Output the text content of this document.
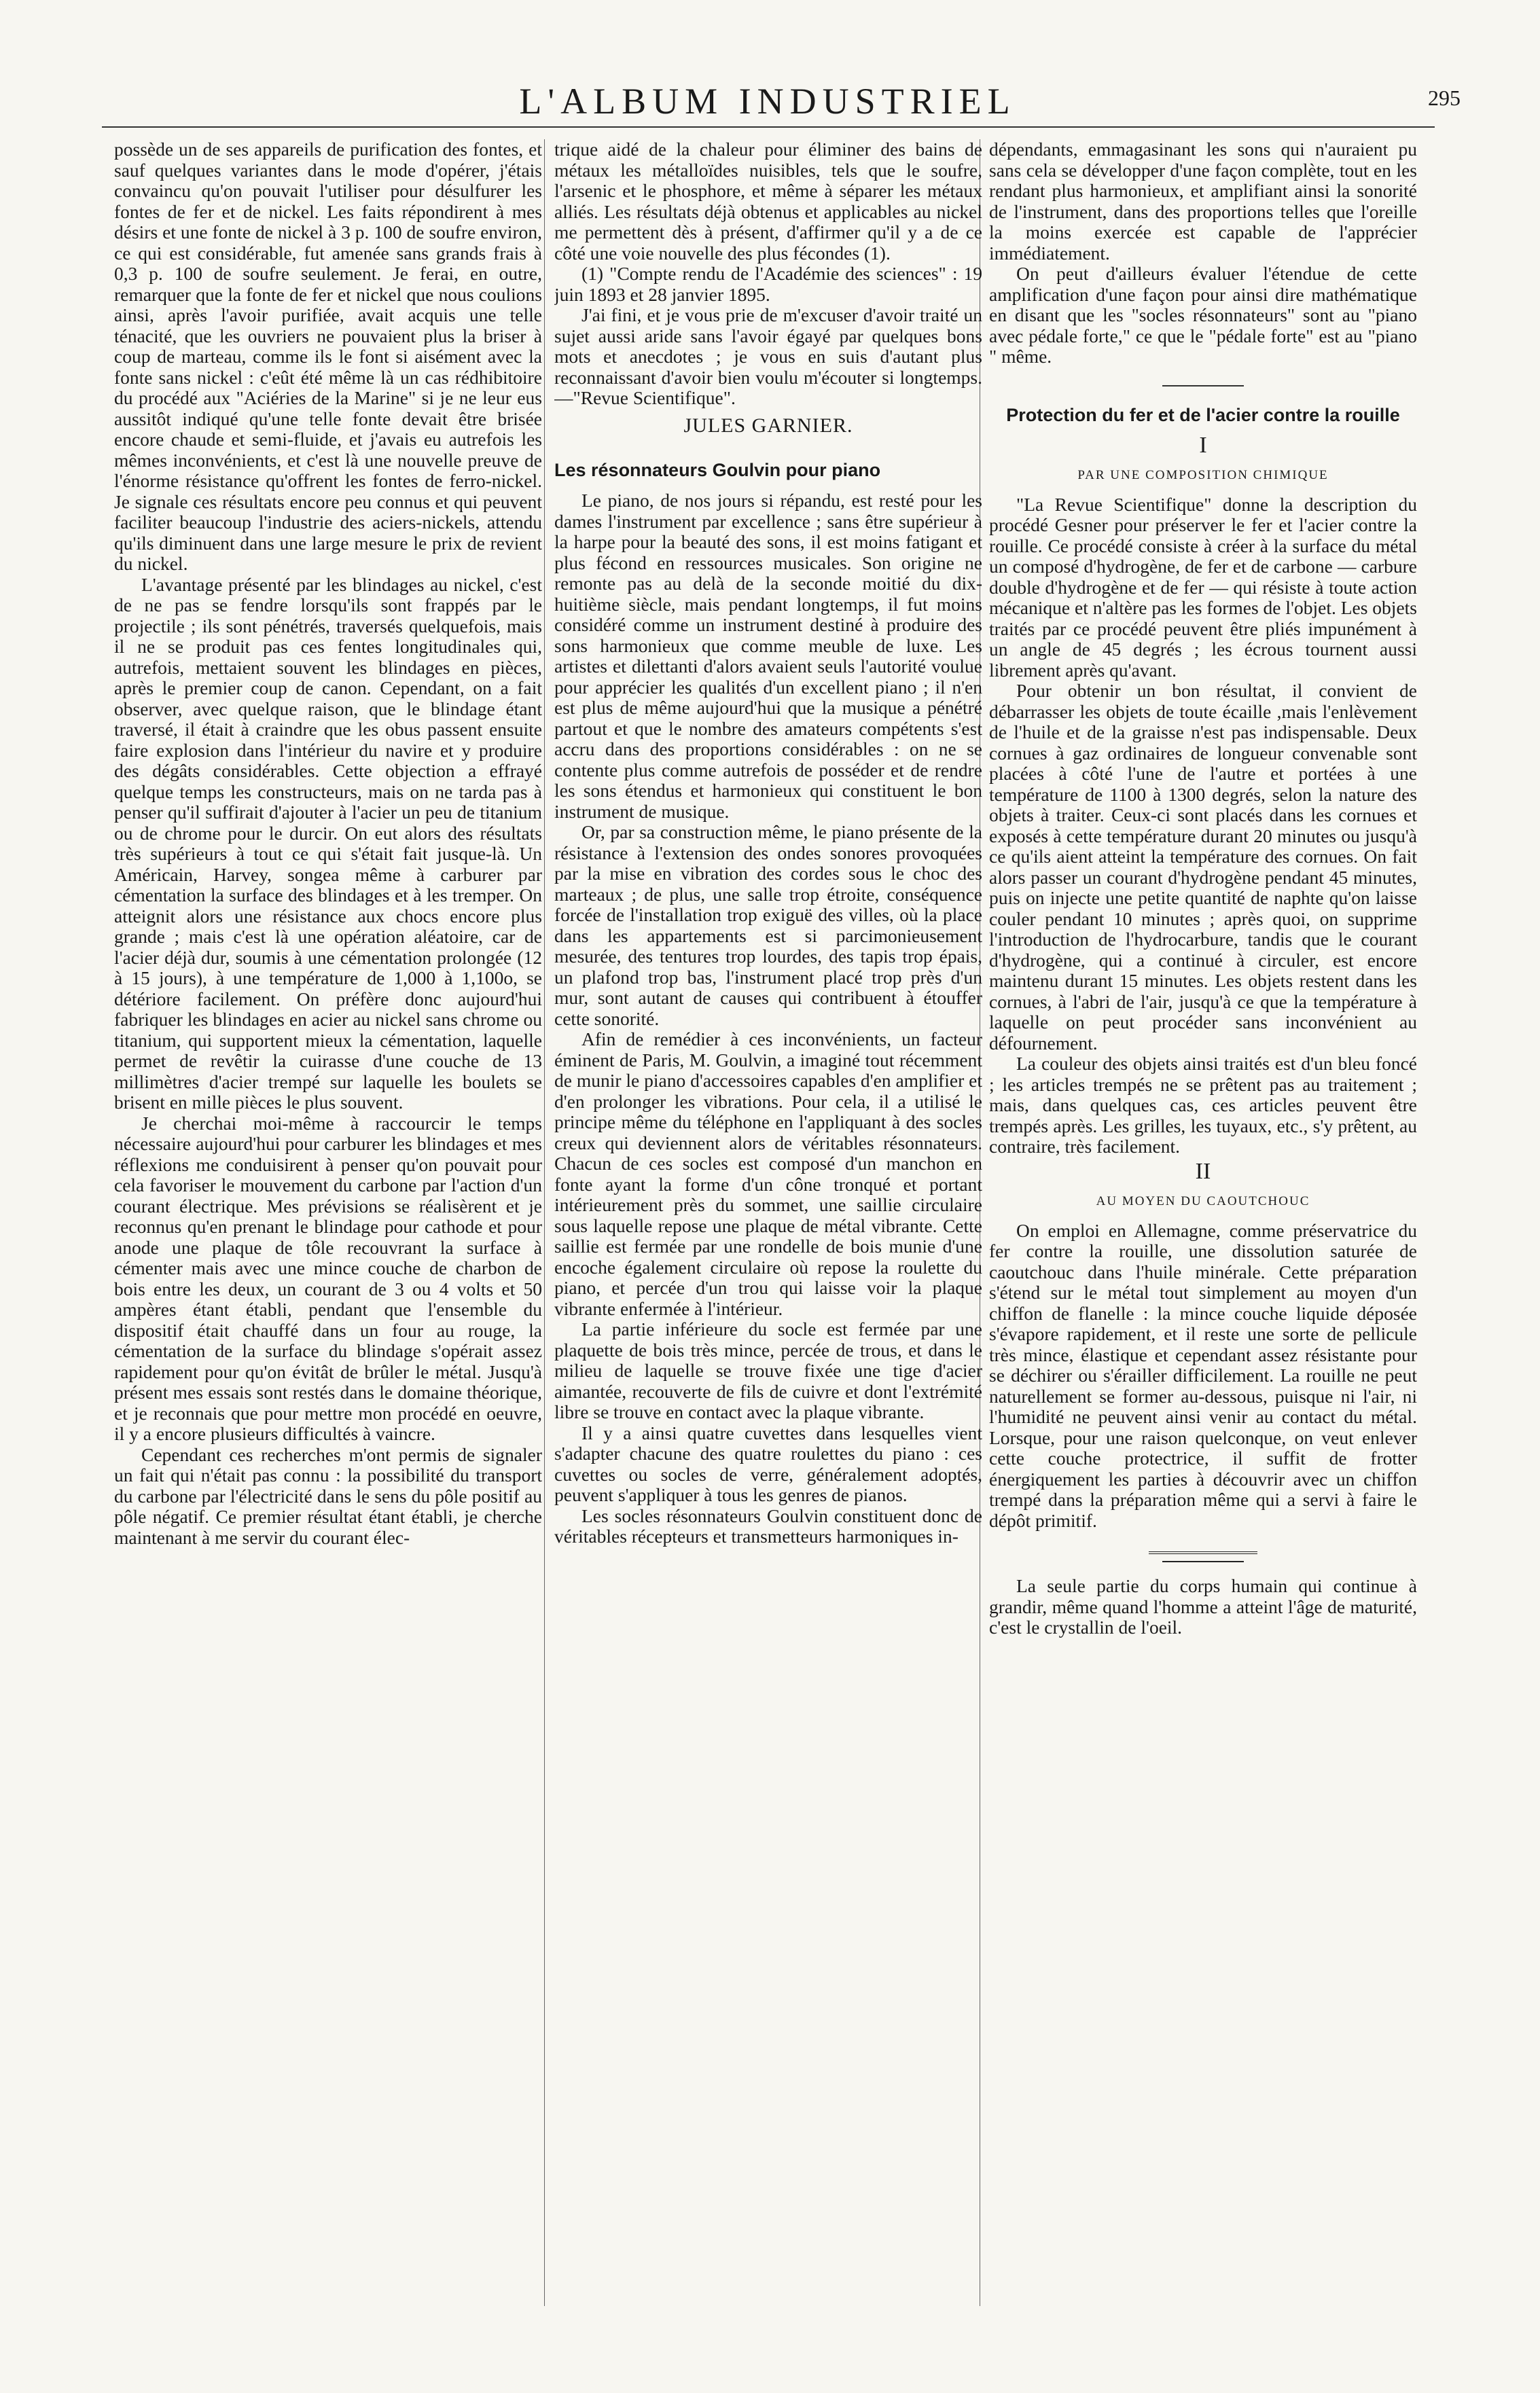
L'ALBUM INDUSTRIEL	295

possède un de ses appareils de purification des fontes, et sauf quelques variantes dans le mode d'opérer, j'étais convaincu qu'on pouvait l'utiliser pour désulfurer les fontes de fer et de nickel. Les faits répondirent à mes désirs et une fonte de nickel à 3 p. 100 de soufre environ, ce qui est considérable, fut amenée sans grands frais à 0,3 p. 100 de soufre seulement. Je ferai, en outre, remarquer que la fonte de fer et nickel que nous coulions ainsi, après l'avoir purifiée, avait acquis une telle ténacité, que les ouvriers ne pouvaient plus la briser à coup de marteau, comme ils le font si aisément avec la fonte sans nickel : c'eût été même là un cas rédhibitoire du procédé aux "Aciéries de la Marine" si je ne leur eus aussitôt indiqué qu'une telle fonte devait être brisée encore chaude et semi-fluide, et j'avais eu autrefois les mêmes inconvénients, et c'est là une nouvelle preuve de l'énorme résistance qu'offrent les fontes de ferro-nickel. Je signale ces résultats encore peu connus et qui peuvent faciliter beaucoup l'industrie des aciers-nickels, attendu qu'ils diminuent dans une large mesure le prix de revient du nickel.

L'avantage présenté par les blindages au nickel, c'est de ne pas se fendre lorsqu'ils sont frappés par le projectile ; ils sont pénétrés, traversés quelquefois, mais il ne se produit pas ces fentes longitudinales qui, autrefois, mettaient souvent les blindages en pièces, après le premier coup de canon. Cependant, on a fait observer, avec quelque raison, que le blindage étant traversé, il était à craindre que les obus passent ensuite faire explosion dans l'intérieur du navire et y produire des dégâts considérables. Cette objection a effrayé quelque temps les constructeurs, mais on ne tarda pas à penser qu'il suffirait d'ajouter à l'acier un peu de titanium ou de chrome pour le durcir. On eut alors des résultats très supérieurs à tout ce qui s'était fait jusque-là. Un Américain, Harvey, songea même à carburer par cémentation la surface des blindages et à les tremper. On atteignit alors une résistance aux chocs encore plus grande ; mais c'est là une opération aléatoire, car de l'acier déjà dur, soumis à une cémentation prolongée (12 à 15 jours), à une température de 1,000 à 1,100o, se détériore facilement. On préfère donc aujourd'hui fabriquer les blindages en acier au nickel sans chrome ou titanium, qui supportent mieux la cémentation, laquelle permet de revêtir la cuirasse d'une couche de 13 millimètres d'acier trempé sur laquelle les boulets se brisent en mille pièces le plus souvent.

Je cherchai moi-même à raccourcir le temps nécessaire aujourd'hui pour carburer les blindages et mes réflexions me conduisirent à penser qu'on pouvait pour cela favoriser le mouvement du carbone par l'action d'un courant électrique. Mes prévisions se réalisèrent et je reconnus qu'en prenant le blindage pour cathode et pour anode une plaque de tôle recouvrant la surface à cémenter mais avec une mince couche de charbon de bois entre les deux, un courant de 3 ou 4 volts et 50 ampères étant établi, pendant que l'ensemble du dispositif était chauffé dans un four au rouge, la cémentation de la surface du blindage s'opérait assez rapidement pour qu'on évitât de brûler le métal. Jusqu'à présent mes essais sont restés dans le domaine théorique, et je reconnais que pour mettre mon procédé en oeuvre, il y a encore plusieurs difficultés à vaincre.

Cependant ces recherches m'ont permis de signaler un fait qui n'était pas connu : la possibilité du transport du carbone par l'électricité dans le sens du pôle positif au pôle négatif. Ce premier résultat étant établi, je cherche maintenant à me servir du courant élec-

trique aidé de la chaleur pour éliminer des bains de métaux les métalloïdes nuisibles, tels que le soufre, l'arsenic et le phosphore, et même à séparer les métaux alliés. Les résultats déjà obtenus et applicables au nickel me permettent dès à présent, d'affirmer qu'il y a de ce côté une voie nouvelle des plus fécondes (1).

(1) "Compte rendu de l'Académie des sciences" : 19 juin 1893 et 28 janvier 1895.

J'ai fini, et je vous prie de m'excuser d'avoir traité un sujet aussi aride sans l'avoir égayé par quelques bons mots et anecdotes ; je vous en suis d'autant plus reconnaissant d'avoir bien voulu m'écouter si longtemps.—"Revue Scientifique".

JULES GARNIER.

Les résonnateurs Goulvin pour piano

Le piano, de nos jours si répandu, est resté pour les dames l'instrument par excellence ; sans être supérieur à la harpe pour la beauté des sons, il est moins fatigant et plus fécond en ressources musicales. Son origine ne remonte pas au delà de la seconde moitié du dix-huitième siècle, mais pendant longtemps, il fut moins considéré comme un instrument destiné à produire des sons harmonieux que comme meuble de luxe. Les artistes et dilettanti d'alors avaient seuls l'autorité voulue pour apprécier les qualités d'un excellent piano ; il n'en est plus de même aujourd'hui que la musique a pénétré partout et que le nombre des amateurs compétents s'est accru dans des proportions considérables : on ne se contente plus comme autrefois de posséder et de rendre les sons étendus et harmonieux qui constituent le bon instrument de musique.

Or, par sa construction même, le piano présente de la résistance à l'extension des ondes sonores provoquées par la mise en vibration des cordes sous le choc des marteaux ; de plus, une salle trop étroite, conséquence forcée de l'installation trop exiguë des villes, où la place dans les appartements est si parcimonieusement mesurée, des tentures trop lourdes, des tapis trop épais, un plafond trop bas, l'instrument placé trop près d'un mur, sont autant de causes qui contribuent à étouffer cette sonorité.

Afin de remédier à ces inconvénients, un facteur éminent de Paris, M. Goulvin, a imaginé tout récemment de munir le piano d'accessoires capables d'en amplifier et d'en prolonger les vibrations. Pour cela, il a utilisé le principe même du téléphone en l'appliquant à des socles creux qui deviennent alors de véritables résonnateurs. Chacun de ces socles est composé d'un manchon en fonte ayant la forme d'un cône tronqué et portant intérieurement près du sommet, une saillie circulaire sous laquelle repose une plaque de métal vibrante. Cette saillie est fermée par une rondelle de bois munie d'une encoche également circulaire où repose la roulette du piano, et percée d'un trou qui laisse voir la plaque vibrante enfermée à l'intérieur.

La partie inférieure du socle est fermée par une plaquette de bois très mince, percée de trous, et dans le milieu de laquelle se trouve fixée une tige d'acier aimantée, recouverte de fils de cuivre et dont l'extrémité libre se trouve en contact avec la plaque vibrante.

Il y a ainsi quatre cuvettes dans lesquelles vient s'adapter chacune des quatre roulettes du piano : ces cuvettes ou socles de verre, généralement adoptés, peuvent s'appliquer à tous les genres de pianos.

Les socles résonnateurs Goulvin constituent donc de véritables récepteurs et transmetteurs harmoniques in-

dépendants, emmagasinant les sons qui n'auraient pu sans cela se développer d'une façon complète, tout en les rendant plus harmonieux, et amplifiant ainsi la sonorité de l'instrument, dans des proportions telles que l'oreille la moins exercée est capable de l'apprécier immédiatement.

On peut d'ailleurs évaluer l'étendue de cette amplification d'une façon pour ainsi dire mathématique en disant que les "socles résonnateurs" sont au "piano avec pédale forte," ce que le "pédale forte" est au "piano " même.

Protection du fer et de l'acier contre la rouille
I
PAR UNE COMPOSITION CHIMIQUE

"La Revue Scientifique" donne la description du procédé Gesner pour préserver le fer et l'acier contre la rouille. Ce procédé consiste à créer à la surface du métal un composé d'hydrogène, de fer et de carbone — carbure double d'hydrogène et de fer — qui résiste à toute action mécanique et n'altère pas les formes de l'objet. Les objets traités par ce procédé peuvent être pliés impunément à un angle de 45 degrés ; les écrous tournent aussi librement après qu'avant.

Pour obtenir un bon résultat, il convient de débarrasser les objets de toute écaille ,mais l'enlèvement de l'huile et de la graisse n'est pas indispensable. Deux cornues à gaz ordinaires de longueur convenable sont placées à côté l'une de l'autre et portées à une température de 1100 à 1300 degrés, selon la nature des objets à traiter. Ceux-ci sont placés dans les cornues et exposés à cette température durant 20 minutes ou jusqu'à ce qu'ils aient atteint la température des cornues. On fait alors passer un courant d'hydrogène pendant 45 minutes, puis on injecte une petite quantité de naphte qu'on laisse couler pendant 10 minutes ; après quoi, on supprime l'introduction de l'hydrocarbure, tandis que le courant d'hydrogène, qui a continué à circuler, est encore maintenu durant 15 minutes. Les objets restent dans les cornues, à l'abri de l'air, jusqu'à ce que la température à laquelle on peut procéder sans inconvénient au défournement.

La couleur des objets ainsi traités est d'un bleu foncé ; les articles trempés ne se prêtent pas au traitement ; mais, dans quelques cas, ces articles peuvent être trempés après. Les grilles, les tuyaux, etc., s'y prêtent, au contraire, très facilement.

II
AU MOYEN DU CAOUTCHOUC

On emploi en Allemagne, comme préservatrice du fer contre la rouille, une dissolution saturée de caoutchouc dans l'huile minérale. Cette préparation s'étend sur le métal tout simplement au moyen d'un chiffon de flanelle : la mince couche liquide déposée s'évapore rapidement, et il reste une sorte de pellicule très mince, élastique et cependant assez résistante pour se déchirer ou s'érailler difficilement. La rouille ne peut naturellement se former au-dessous, puisque ni l'air, ni l'humidité ne peuvent ainsi venir au contact du métal. Lorsque, pour une raison quelconque, on veut enlever cette couche protectrice, il suffit de frotter énergiquement les parties à découvrir avec un chiffon trempé dans la préparation même qui a servi à faire le dépôt primitif.

La seule partie du corps humain qui continue à grandir, même quand l'homme a atteint l'âge de maturité, c'est le crystallin de l'oeil.
